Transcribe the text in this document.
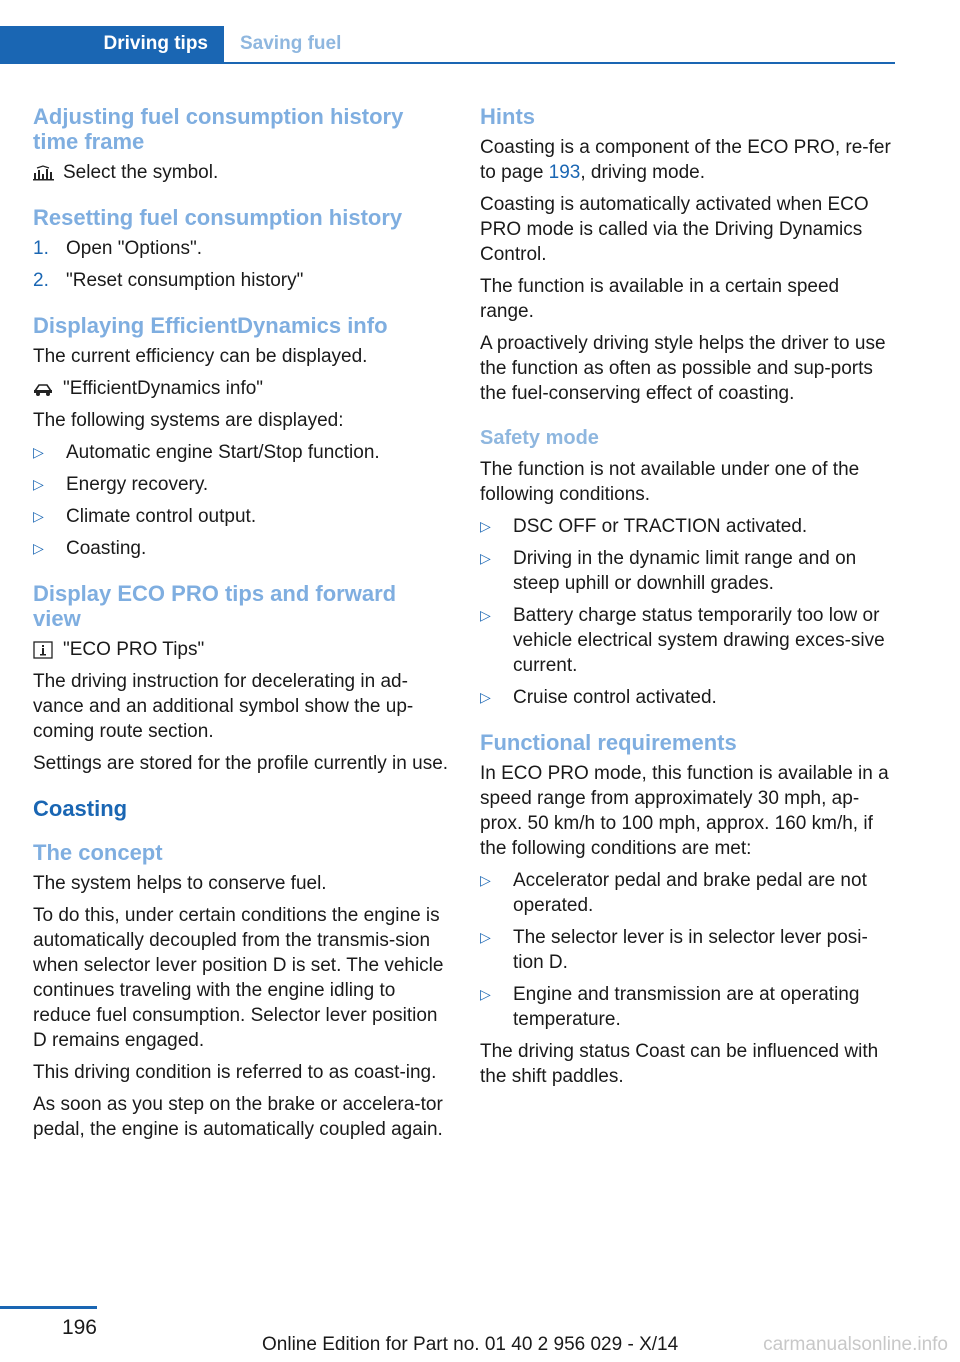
Driving tips	Saving fuel
Adjusting fuel consumption history time frame
Select the symbol.
Resetting fuel consumption history
1. Open "Options".
2. "Reset consumption history"
Displaying EfficientDynamics info

The current efficiency can be displayed.

"EfficientDynamics info"

The following systems are displayed:

▷	Automatic engine Start/Stop function.
▷	Energy recovery.
▷	Climate control output.
▷	Coasting.
Display ECO PRO tips and forward view
"ECO PRO Tips"

The driving instruction for decelerating in ad‐vance and an additional symbol show the up‐coming route section.

Settings are stored for the profile currently in use.

Coasting
The concept

The system helps to conserve fuel.

To do this, under certain conditions the engine is automatically decoupled from the transmis‐sion when selector lever position D is set. The vehicle continues traveling with the engine idling to reduce fuel consumption. Selector lever position D remains engaged.

This driving condition is referred to as coast‐ing.

As soon as you step on the brake or accelera‐tor pedal, the engine is automatically coupled again.

Hints

Coasting is a component of the ECO PRO, re‐fer to page 193, driving mode.

Coasting is automatically activated when ECO PRO mode is called via the Driving Dynamics Control.

The function is available in a certain speed range.

A proactively driving style helps the driver to use the function as often as possible and sup‐ports the fuel-conserving effect of coasting.

Safety mode

The function is not available under one of the following conditions.

▷	DSC OFF or TRACTION activated.
▷	Driving in the dynamic limit range and on steep uphill or downhill grades.
▷	Battery charge status temporarily too low or vehicle electrical system drawing exces‐sive current.
▷	Cruise control activated.
Functional requirements

In ECO PRO mode, this function is available in a speed range from approximately 30 mph, ap‐prox. 50 km/h to 100 mph, approx. 160 km/h, if the following conditions are met:

▷	Accelerator pedal and brake pedal are not operated.
▷	The selector lever is in selector lever posi‐tion D.
▷	Engine and transmission are at operating temperature.

The driving status Coast can be influenced with the shift paddles.

196
Online Edition for Part no. 01 40 2 956 029 - X/14	carmanualsonline.info
